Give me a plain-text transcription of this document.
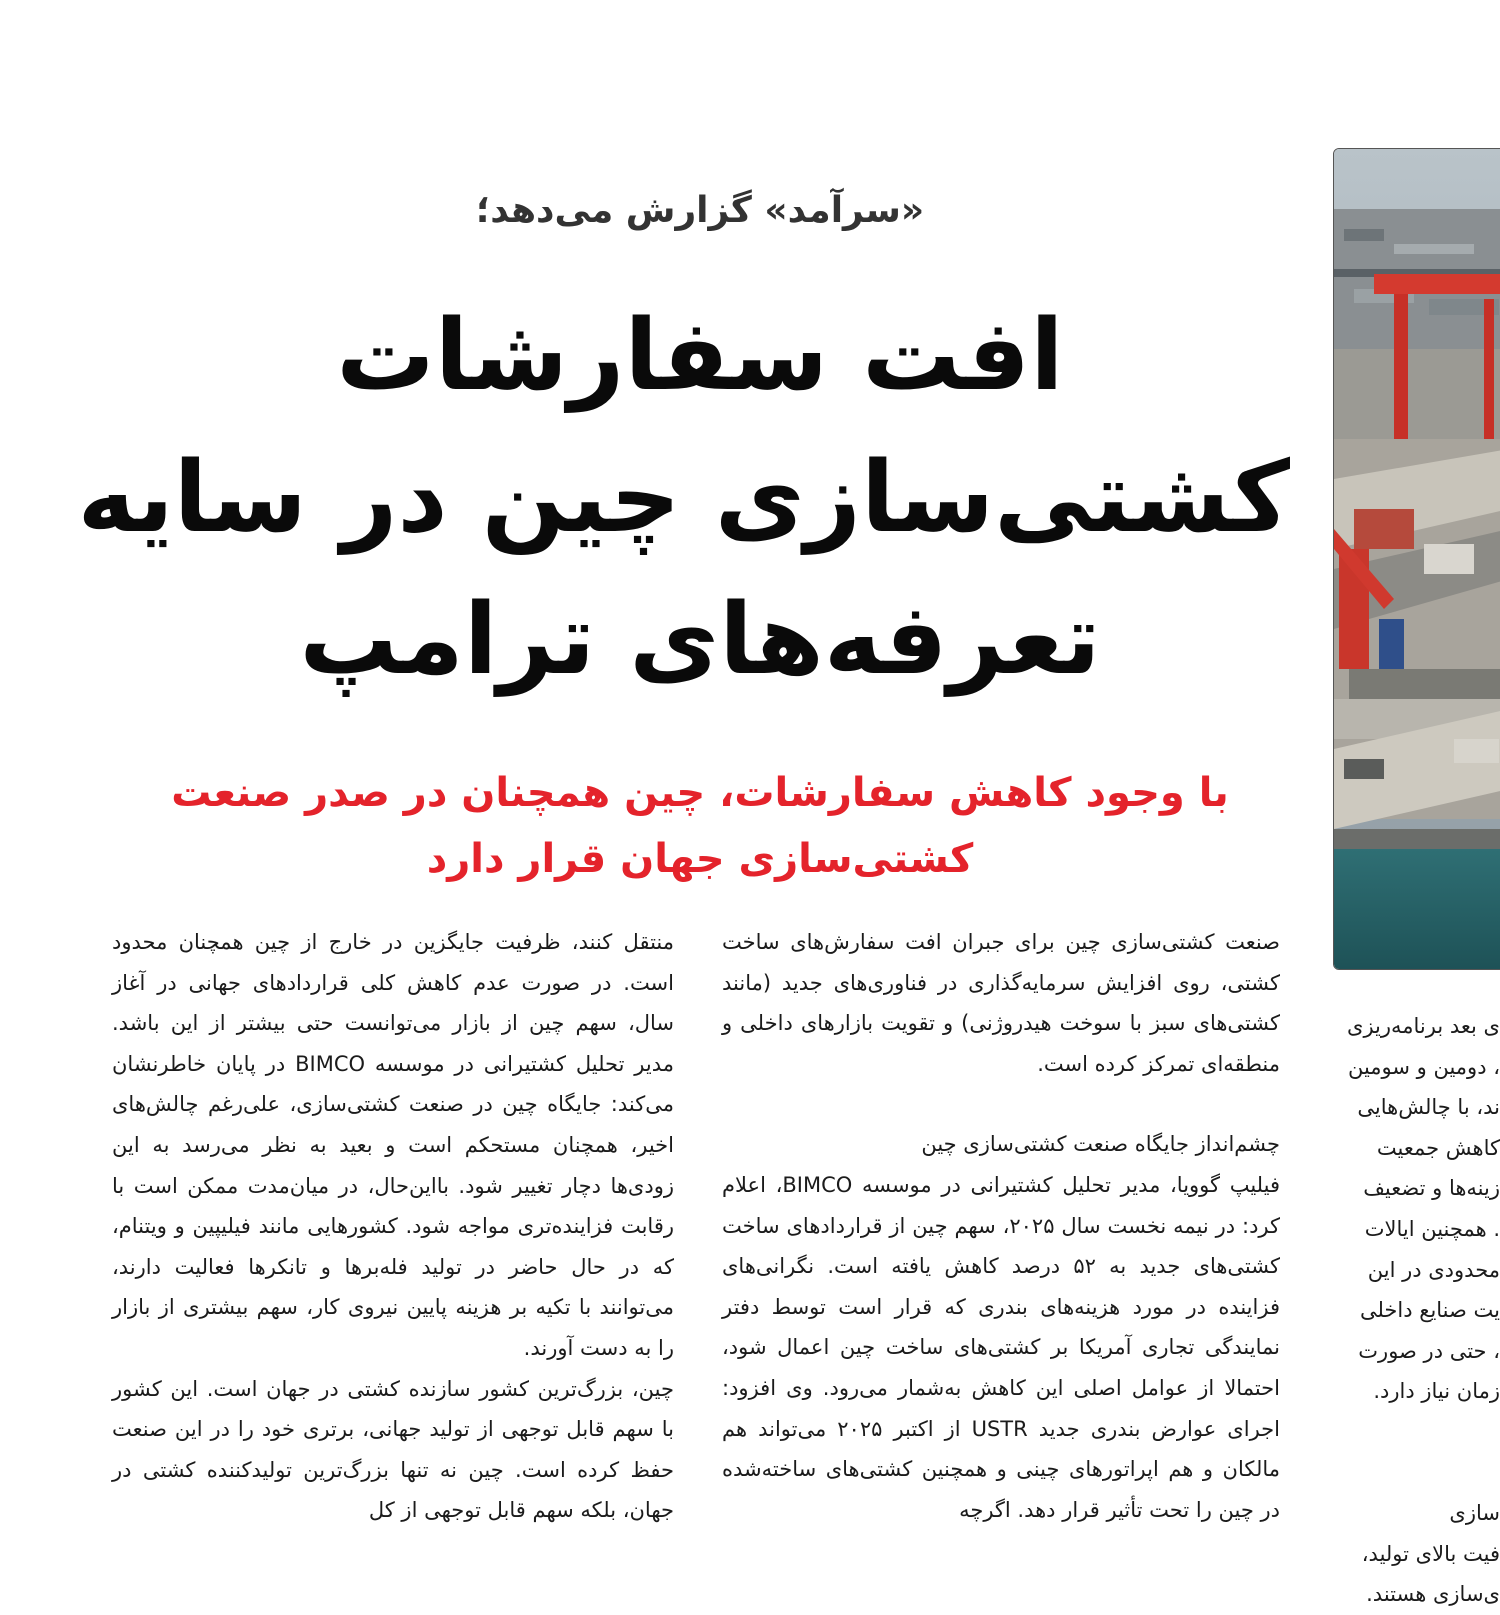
«سرآمد» گزارش می‌دهد؛
افت سفارشات
کشتی‌سازی چین در سایه
تعرفه‌های ترامپ
با وجود کاهش سفارشات، چین همچنان در صدر صنعت
کشتی‌سازی جهان قرار دارد

صنعت کشتی‌سازی چین برای جبران افت سفارش‌های ساخت کشتی، روی افزایش سرمایه‌گذاری در فناوری‌های جدید (مانند کشتی‌های سبز با سوخت هیدروژنی) و تقویت بازارهای داخلی و منطقه‌ای تمرکز کرده است.

چشم‌انداز جایگاه صنعت کشتی‌سازی چین

فیلیپ گوویا، مدیر تحلیل کشتیرانی در موسسه BIMCO، اعلام کرد: در نیمه نخست سال ۲۰۲۵، سهم چین از قراردادهای ساخت کشتی‌های جدید به ۵۲ درصد کاهش یافته است. نگرانی‌های فزاینده در مورد هزینه‌های بندری که قرار است توسط دفتر نمایندگی تجاری آمریکا بر کشتی‌های ساخت چین اعمال شود، احتمالا از عوامل اصلی این کاهش به‌شمار می‌رود. وی افزود: اجرای عوارض بندری جدید USTR از اکتبر ۲۰۲۵ می‌تواند هم مالکان و هم اپراتورهای چینی و همچنین کشتی‌های ساخته‌شده در چین را تحت تأثیر قرار دهد. اگرچه

منتقل کنند، ظرفیت جایگزین در خارج از چین همچنان محدود است. در صورت عدم کاهش کلی قراردادهای جهانی در آغاز سال، سهم چین از بازار می‌توانست حتی بیشتر از این باشد. مدیر تحلیل کشتیرانی در موسسه BIMCO در پایان خاطرنشان می‌کند: جایگاه چین در صنعت کشتی‌سازی، علی‌رغم چالش‌های اخیر، همچنان مستحکم است و بعید به نظر می‌رسد به این زودی‌ها دچار تغییر شود. بااین‌حال، در میان‌مدت ممکن است با رقابت فزاینده‌تری مواجه شود. کشورهایی مانند فیلیپین و ویتنام، که در حال حاضر در تولید فله‌برها و تانکرها فعالیت دارند، می‌توانند با تکیه بر هزینه پایین نیروی کار، سهم بیشتری از بازار را به دست آورند.

چین، بزرگ‌ترین کشور سازنده کشتی در جهان است. این کشور با سهم قابل توجهی از تولید جهانی، برتری خود را در این صنعت حفظ کرده است. چین نه تنها بزرگ‌ترین تولیدکننده کشتی در جهان، بلکه سهم قابل توجهی از کل

ی بعد برنامه‌ریزی
، دومین و سومین
ند، با چالش‌هایی
کاهش جمعیت
زینه‌ها و تضعیف
. همچنین ایالات
محدودی در این
یت صنایع داخلی
، حتی در صورت
زمان نیاز دارد.

سازی
فیت بالای تولید،
ی‌سازی هستند.
